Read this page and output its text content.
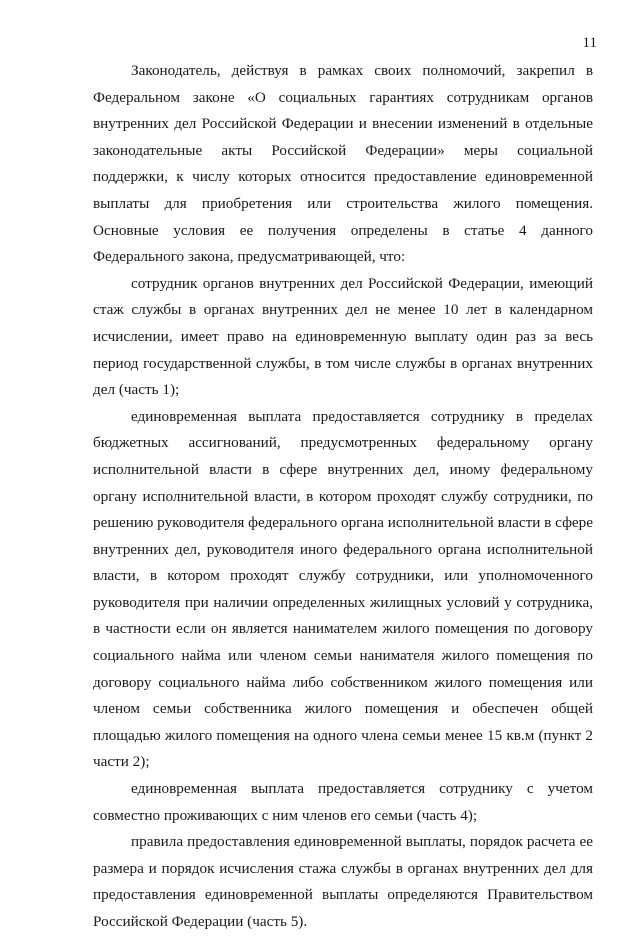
11

Законодатель, действуя в рамках своих полномочий, закрепил в Федеральном законе «О социальных гарантиях сотрудникам органов внутренних дел Российской Федерации и внесении изменений в отдельные законодательные акты Российской Федерации» меры социальной поддержки, к числу которых относится предоставление единовременной выплаты для приобретения или строительства жилого помещения. Основные условия ее получения определены в статье 4 данного Федерального закона, предусматривающей, что:

сотрудник органов внутренних дел Российской Федерации, имеющий стаж службы в органах внутренних дел не менее 10 лет в календарном исчислении, имеет право на единовременную выплату один раз за весь период государственной службы, в том числе службы в органах внутренних дел (часть 1);

единовременная выплата предоставляется сотруднику в пределах бюджетных ассигнований, предусмотренных федеральному органу исполнительной власти в сфере внутренних дел, иному федеральному органу исполнительной власти, в котором проходят службу сотрудники, по решению руководителя федерального органа исполнительной власти в сфере внутренних дел, руководителя иного федерального органа исполнительной власти, в котором проходят службу сотрудники, или уполномоченного руководителя при наличии определенных жилищных условий у сотрудника, в частности если он является нанимателем жилого помещения по договору социального найма или членом семьи нанимателя жилого помещения по договору социального найма либо собственником жилого помещения или членом семьи собственника жилого помещения и обеспечен общей площадью жилого помещения на одного члена семьи менее 15 кв.м (пункт 2 части 2);

единовременная выплата предоставляется сотруднику с учетом совместно проживающих с ним членов его семьи (часть 4);

правила предоставления единовременной выплаты, порядок расчета ее размера и порядок исчисления стажа службы в органах внутренних дел для предоставления единовременной выплаты определяются Правительством Российской Федерации (часть 5).
